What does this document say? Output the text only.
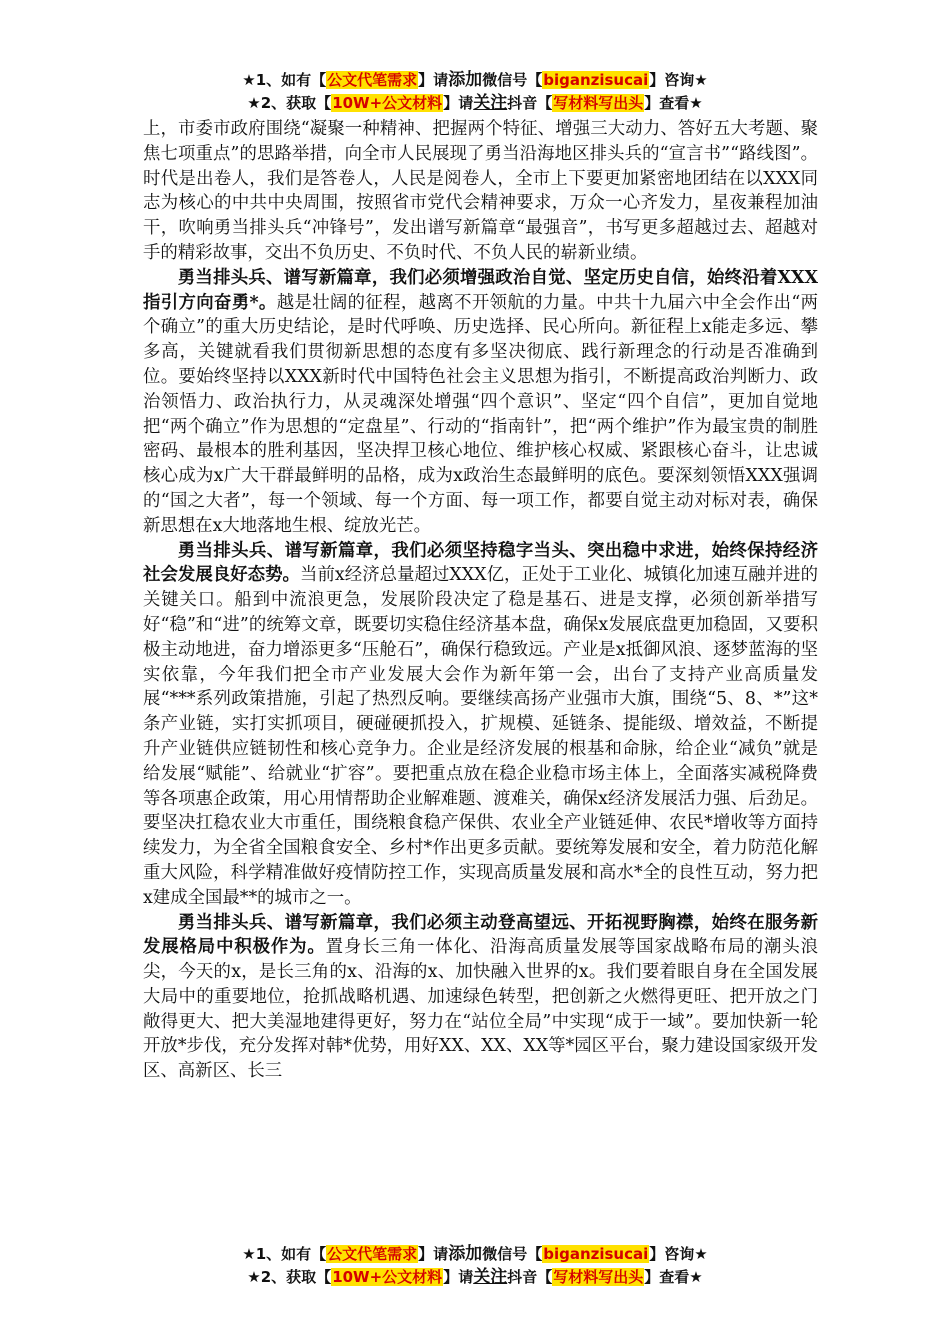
★1、如有【公文代笔需求】请添加微信号【biganzisucai】咨询★
★2、获取【10W+公文材料】请关注抖音【写材料写出头】查看★

上，市委市政府围绕“凝聚一种精神、把握两个特征、增强三大动力、答好五大考题、聚焦七项重点”的思路举措，向全市人民展现了勇当沿海地区排头兵的“宣言书”“路线图”。时代是出卷人，我们是答卷人，人民是阅卷人，全市上下要更加紧密地团结在以XXX同志为核心的中共中央周围，按照省市党代会精神要求，万众一心齐发力，星夜兼程加油干，吹响勇当排头兵“冲锋号”，发出谱写新篇章“最强音”，书写更多超越过去、超越对手的精彩故事，交出不负历史、不负时代、不负人民的崭新业绩。

勇当排头兵、谱写新篇章，我们必须增强政治自觉、坚定历史自信，始终沿着XXX指引方向奋勇*。越是壮阔的征程，越离不开领航的力量。中共十九届六中全会作出“两个确立”的重大历史结论，是时代呼唤、历史选择、民心所向。新征程上x能走多远、攀多高，关键就看我们贯彻新思想的态度有多坚决彻底、践行新理念的行动是否准确到位。要始终坚持以XXX新时代中国特色社会主义思想为指引，不断提高政治判断力、政治领悟力、政治执行力，从灵魂深处增强“四个意识”、坚定“四个自信”，更加自觉地把“两个确立”作为思想的“定盘星”、行动的“指南针”，把“两个维护”作为最宝贵的制胜密码、最根本的胜利基因，坚决捍卫核心地位、维护核心权威、紧跟核心奋斗，让忠诚核心成为x广大干群最鲜明的品格，成为x政治生态最鲜明的底色。要深刻领悟XXX强调的“国之大者”，每一个领域、每一个方面、每一项工作，都要自觉主动对标对表，确保新思想在x大地落地生根、绽放光芒。

勇当排头兵、谱写新篇章，我们必须坚持稳字当头、突出稳中求进，始终保持经济社会发展良好态势。当前x经济总量超过XXX亿，正处于工业化、城镇化加速互融并进的关键关口。船到中流浪更急，发展阶段决定了稳是基石、进是支撑，必须创新举措写好“稳”和“进”的统筹文章，既要切实稳住经济基本盘，确保x发展底盘更加稳固，又要积极主动地进，奋力增添更多“压舱石”，确保行稳致远。产业是x抵御风浪、逐梦蓝海的坚实依靠，今年我们把全市产业发展大会作为新年第一会，出台了支持产业高质量发展“***系列政策措施，引起了热烈反响。要继续高扬产业强市大旗，围绕“5、8、*”这*条产业链，实打实抓项目，硬碰硬抓投入，扩规模、延链条、提能级、增效益，不断提升产业链供应链韧性和核心竞争力。企业是经济发展的根基和命脉，给企业“减负”就是给发展“赋能”、给就业“扩容”。要把重点放在稳企业稳市场主体上，全面落实减税降费等各项惠企政策，用心用情帮助企业解难题、渡难关，确保x经济发展活力强、后劲足。要坚决扛稳农业大市重任，围绕粮食稳产保供、农业全产业链延伸、农民*增收等方面持续发力，为全省全国粮食安全、乡村*作出更多贡献。要统筹发展和安全，着力防范化解重大风险，科学精准做好疫情防控工作，实现高质量发展和高水*全的良性互动，努力把x建成全国最**的城市之一。

勇当排头兵、谱写新篇章，我们必须主动登高望远、开拓视野胸襟，始终在服务新发展格局中积极作为。置身长三角一体化、沿海高质量发展等国家战略布局的潮头浪尖，今天的x，是长三角的x、沿海的x、加快融入世界的x。我们要着眼自身在全国发展大局中的重要地位，抢抓战略机遇、加速绿色转型，把创新之火燃得更旺、把开放之门敞得更大、把大美湿地建得更好，努力在“站位全局”中实现“成于一域”。要加快新一轮开放*步伐，充分发挥对韩*优势，用好XX、XX、XX等*园区平台，聚力建设国家级开发区、高新区、长三

★1、如有【公文代笔需求】请添加微信号【biganzisucai】咨询★
★2、获取【10W+公文材料】请关注抖音【写材料写出头】查看★
